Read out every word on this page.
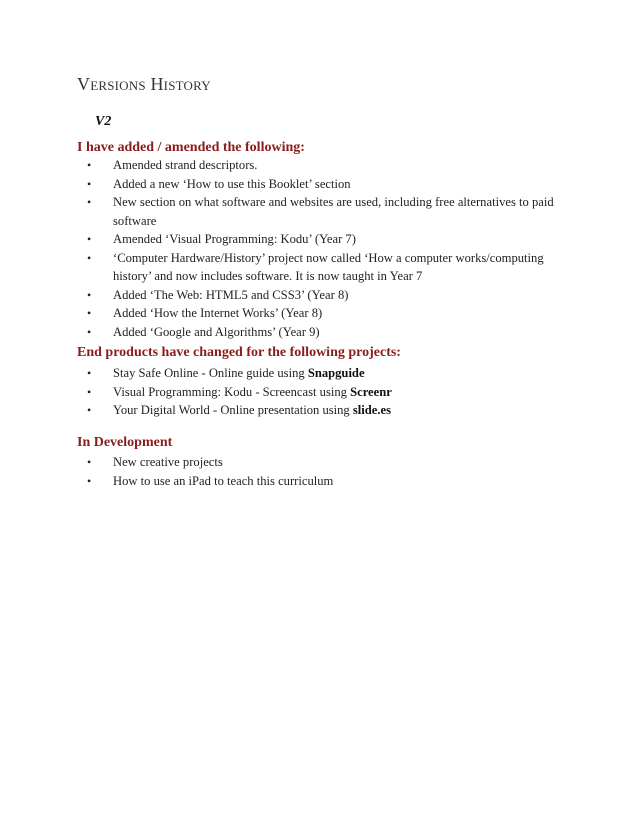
Versions History
V2
I have added / amended the following:
• Amended strand descriptors.
• Added a new ‘How to use this Booklet’ section
• New section on what software and websites are used, including free alternatives to paid software
• Amended ‘Visual Programming: Kodu’ (Year 7)
• ‘Computer Hardware/History’ project now called ‘How a computer works/computing history’ and now includes software. It is now taught in Year 7
• Added ‘The Web: HTML5 and CSS3’ (Year 8)
• Added ‘How the Internet Works’ (Year 8)
• Added ‘Google and Algorithms’ (Year 9)
End products have changed for the following projects:
• Stay Safe Online - Online guide using Snapguide
• Visual Programming: Kodu - Screencast using Screenr
• Your Digital World - Online presentation using slide.es
In Development
• New creative projects
• How to use an iPad to teach this curriculum
